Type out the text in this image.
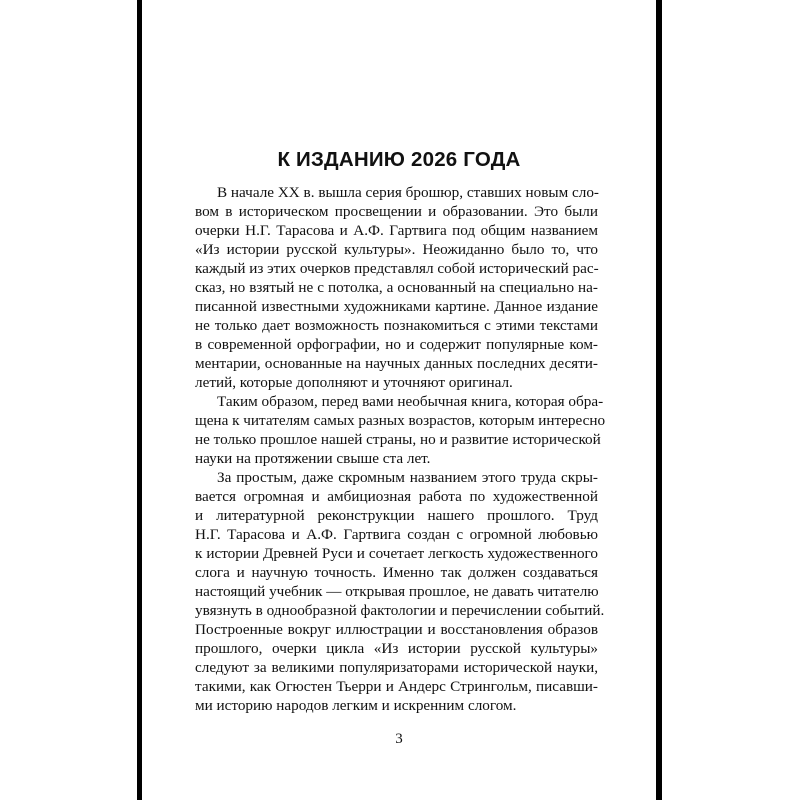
К ИЗДАНИЮ 2026 ГОДА

В начале XX в. вышла серия брошюр, ставших новым сло-
вом в историческом просвещении и образовании. Это были
очерки Н.Г. Тарасова и А.Ф. Гартвига под общим названием
«Из истории русской культуры». Неожиданно было то, что
каждый из этих очерков представлял собой исторический рас-
сказ, но взятый не с потолка, а основанный на специально на-
писанной известными художниками картине. Данное издание
не только дает возможность познакомиться с этими текстами
в современной орфографии, но и содержит популярные ком-
ментарии, основанные на научных данных последних десяти-
летий, которые дополняют и уточняют оригинал.

Таким образом, перед вами необычная книга, которая обра-
щена к читателям самых разных возрастов, которым интересно
не только прошлое нашей страны, но и развитие исторической
науки на протяжении свыше ста лет.

За простым, даже скромным названием этого труда скры-
вается огромная и амбициозная работа по художественной
и литературной реконструкции нашего прошлого. Труд
Н.Г. Тарасова и А.Ф. Гартвига создан с огромной любовью
к истории Древней Руси и сочетает легкость художественного
слога и научную точность. Именно так должен создаваться
настоящий учебник — открывая прошлое, не давать читателю
увязнуть в однообразной фактологии и перечислении событий.
Построенные вокруг иллюстрации и восстановления образов
прошлого, очерки цикла «Из истории русской культуры»
следуют за великими популяризаторами исторической науки,
такими, как Огюстен Тьерри и Андерс Стрингольм, писавши-
ми историю народов легким и искренним слогом.

3
